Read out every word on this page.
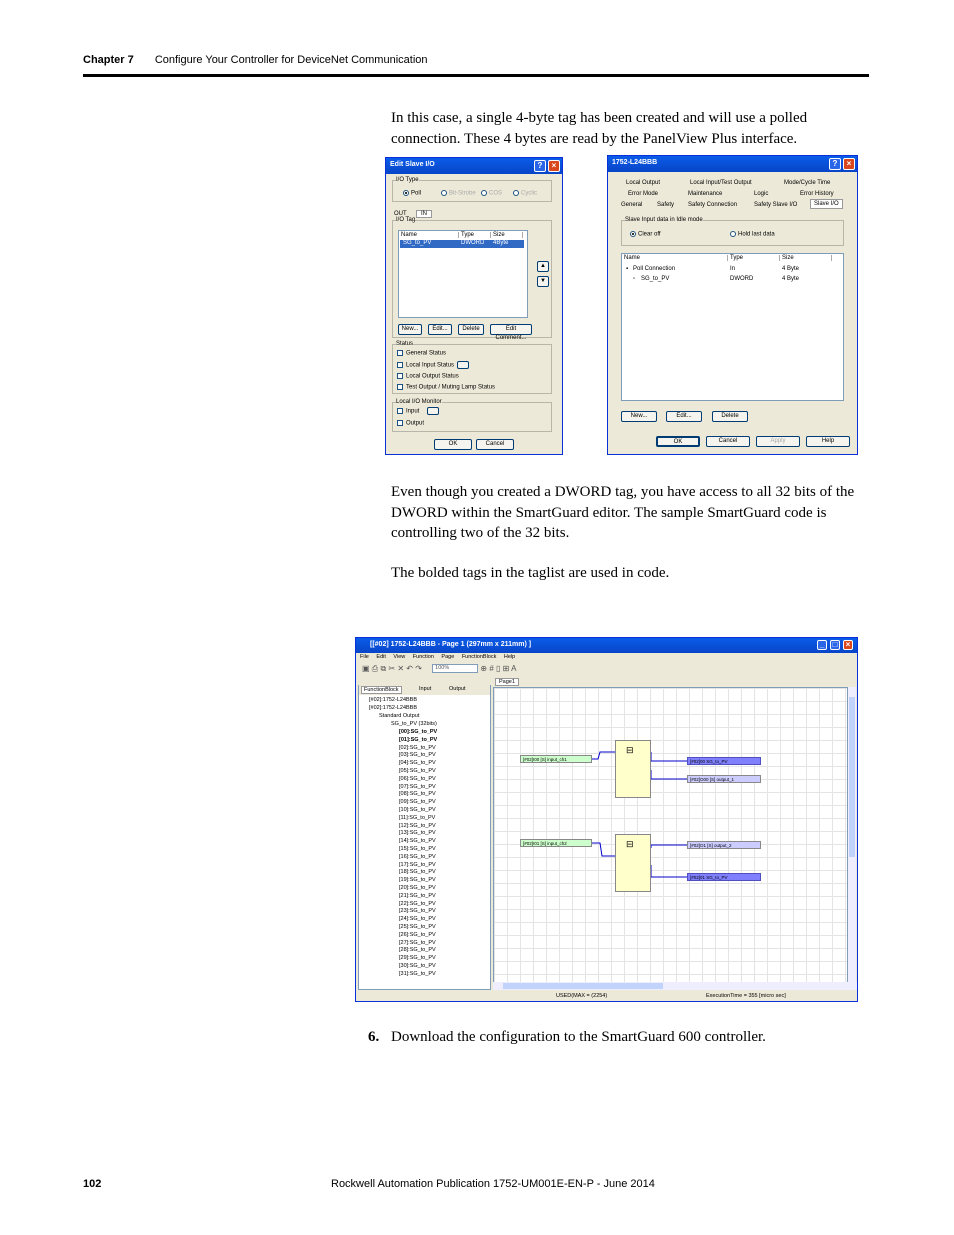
Chapter 7 Configure Your Controller for DeviceNet Communication
In this case, a single 4-byte tag has been created and will use a polled connection. These 4 bytes are read by the PanelView Plus interface.
Edit Slave I/O	?	×
I/O Type
Poll	Bit-Strobe	COS	Cyclic
OUT	IN
I/O Tag
Name	Type	Size
SG_to_PV	DWORD 4Byte
▲
▼
New...	Edit...	Delete	Edit Comment...
Status
General Status
Local Input Status
Local Output Status
Test Output / Muting Lamp Status
Local I/O Monitor
Input
Output
OK	Cancel
1752-L24BBB	?	×
Local Output	Local Input/Test Output	Mode/Cycle Time
Error Mode	Maintenance	Logic	Error History
General Safety Safety Connection	Safety Slave I/O	Slave I/O
Slave Input data in Idle mode
Clear off	Hold last data
Name	Type	Size
▪ Poll Connection	In	4 Byte
▫ SG_to_PV	DWORD	4 Byte
New...	Edit...	Delete
OK	Cancel	Apply	Help
Even though you created a DWORD tag, you have access to all 32 bits of the DWORD within the SmartGuard editor. The sample SmartGuard code is controlling two of the 32 bits.
The bolded tags in the taglist are used in code.
[[#02] 1752-L24BBB - Page 1 (297mm x 211mm) ]	_	□	×
File Edit View Function Page FunctionBlock Help
▣ ⎙ ⧉ ✂ ✕ ↶ ↷ 100%	⊕ # ▯ ⊞ A
FunctionBlock	Input	Output
[#02]:1752-L24BBB
[#02]:1752-L24BBB
Standard Output
SG_to_PV (32bits)
[00]:SG_to_PV
[01]:SG_to_PV
[02]:SG_to_PV
[03]:SG_to_PV
[04]:SG_to_PV
[05]:SG_to_PV
[06]:SG_to_PV
[07]:SG_to_PV
[08]:SG_to_PV
[09]:SG_to_PV
[10]:SG_to_PV
[11]:SG_to_PV
[12]:SG_to_PV
[13]:SG_to_PV
[14]:SG_to_PV
[15]:SG_to_PV
[16]:SG_to_PV
[17]:SG_to_PV
[18]:SG_to_PV
[19]:SG_to_PV
[20]:SG_to_PV
[21]:SG_to_PV
[22]:SG_to_PV
[23]:SG_to_PV
[24]:SG_to_PV
[25]:SG_to_PV
[26]:SG_to_PV
[27]:SG_to_PV
[28]:SG_to_PV
[29]:SG_to_PV
[30]:SG_to_PV
[31]:SG_to_PV
Page1
⊟
⊟
[#02]I00 [S] input_ch1
[#02]I01 [S] input_ch2
[#02]00 SG_to_PV
[#02]O00 [S] output_1
[#02]O1 [S] output_2
[#02]01 SG_to_PV
USED(MAX = (2254)	ExecutionTime = 355 [micro sec]
6. Download the configuration to the SmartGuard 600 controller.
102	Rockwell Automation Publication 1752-UM001E-EN-P - June 2014
